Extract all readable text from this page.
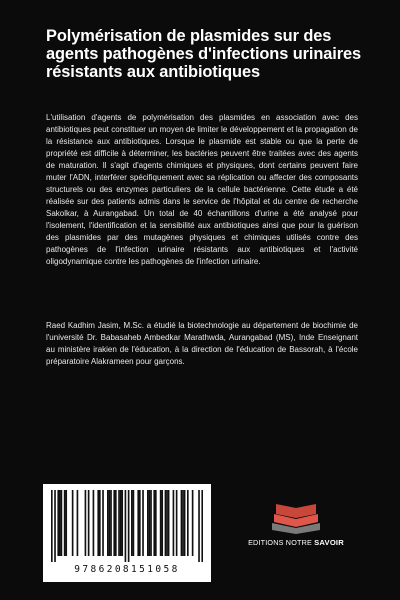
Polymérisation de plasmides sur des agents pathogènes d'infections urinaires résistants aux antibiotiques

L'utilisation d'agents de polymérisation des plasmides en association avec des antibiotiques peut constituer un moyen de limiter le développement et la propagation de la résistance aux antibiotiques. Lorsque le plasmide est stable ou que la perte de propriété est difficile à déterminer, les bactéries peuvent être traitées avec des agents de maturation. Il s'agit d'agents chimiques et physiques, dont certains peuvent faire muter l'ADN, interférer spécifiquement avec sa réplication ou affecter des composants structurels ou des enzymes particuliers de la cellule bactérienne. Cette étude a été réalisée sur des patients admis dans le service de l'hôpital et du centre de recherche Sakolkar, à Aurangabad. Un total de 40 échantillons d'urine a été analysé pour l'isolement, l'identification et la sensibilité aux antibiotiques ainsi que pour la guérison des plasmides par des mutagènes physiques et chimiques utilisés contre des pathogènes de l'infection urinaire résistants aux antibiotiques et l'activité oligodynamique contre les pathogènes de l'infection urinaire.

Raed Kadhim Jasim, M.Sc. a étudié la biotechnologie au département de biochimie de l'université Dr. Babasaheb Ambedkar Marathwda, Aurangabad (MS), Inde Enseignant au ministère irakien de l'éducation, à la direction de l'éducation de Bassorah, à l'école préparatoire Alakrameen pour garçons.

9786208151058
EDITIONS NOTRE SAVOIR
